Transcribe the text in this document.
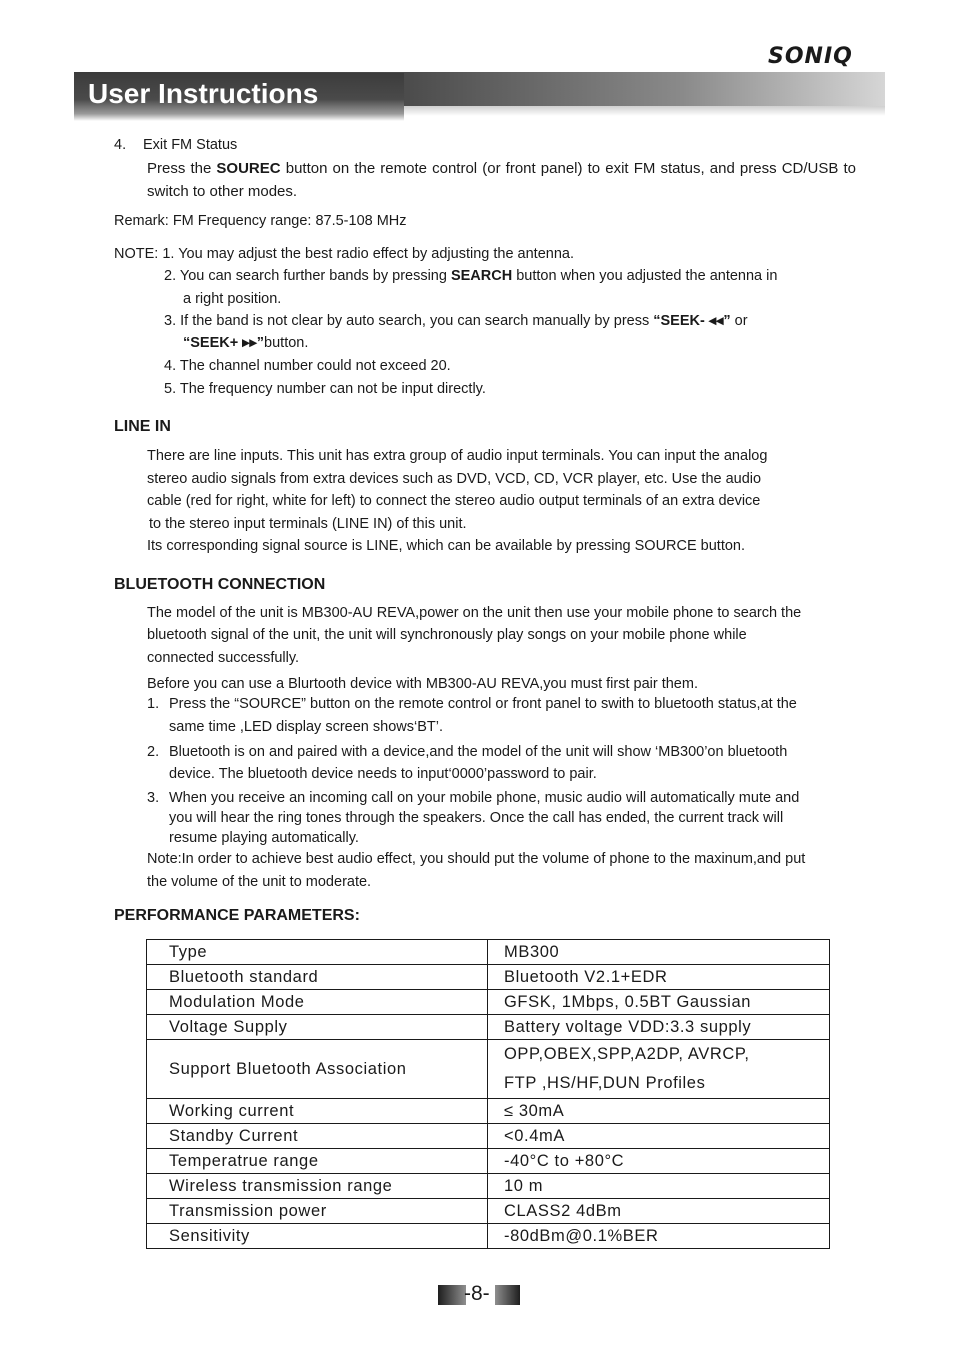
SONIQ
User Instructions
4. Exit FM Status
Press the SOUREC button on the remote control (or front panel) to exit FM status, and press CD/USB to switch to other modes.
Remark: FM Frequency range: 87.5-108 MHz
NOTE: 1. You may adjust the best radio effect by adjusting the antenna.
2. You can search further bands by pressing SEARCH button when you adjusted the antenna in
a right position.
3. If the band is not clear by auto search, you can search manually by press “SEEK- ◂◂” or
“SEEK+ ▸▸”button.
4. The channel number could not exceed 20.
5. The frequency number can not be input directly.
LINE IN
There are line inputs. This unit has extra group of audio input terminals. You can input the analog
stereo audio signals from extra devices such as DVD, VCD, CD, VCR player, etc. Use the audio
cable (red for right, white for left) to connect the stereo audio output terminals of an extra device
to the stereo input terminals (LINE IN) of this unit.
Its corresponding signal source is LINE, which can be available by pressing SOURCE button.
BLUETOOTH CONNECTION
The model of the unit is MB300-AU REVA,power on the unit then use your mobile phone to search the
bluetooth signal of the unit, the unit will synchronously play songs on your mobile phone while
connected successfully.
Before you can use a Blurtooth device with MB300-AU REVA,you must first pair them.
1. Press the “SOURCE” button on the remote control or front panel to swith to bluetooth status,at the
same time ,LED display screen shows‘BT’.
2. Bluetooth is on and paired with a device,and the model of the unit will show ‘MB300’on bluetooth
device. The bluetooth device needs to input‘0000’password to pair.
3. When you receive an incoming call on your mobile phone, music audio will automatically mute and
you will hear the ring tones through the speakers. Once the call has ended, the current track will
resume playing automatically.
Note:In order to achieve best audio effect, you should put the volume of phone to the maxinum,and put
the volume of the unit to moderate.
PERFORMANCE PARAMETERS:
Type	MB300
Bluetooth standard	Bluetooth V2.1+EDR
Modulation Mode	GFSK, 1Mbps, 0.5BT Gaussian
Voltage Supply	Battery voltage VDD:3.3 supply
Support Bluetooth Association	OPP,OBEX,SPP,A2DP, AVRCP,
FTP ,HS/HF,DUN Profiles

Working current	≤ 30mA
Standby Current	<0.4mA
Temperatrue range	-40°C to +80°C
Wireless transmission range	10 m
Transmission power	CLASS2 4dBm
Sensitivity	-80dBm@0.1%BER
-8-
